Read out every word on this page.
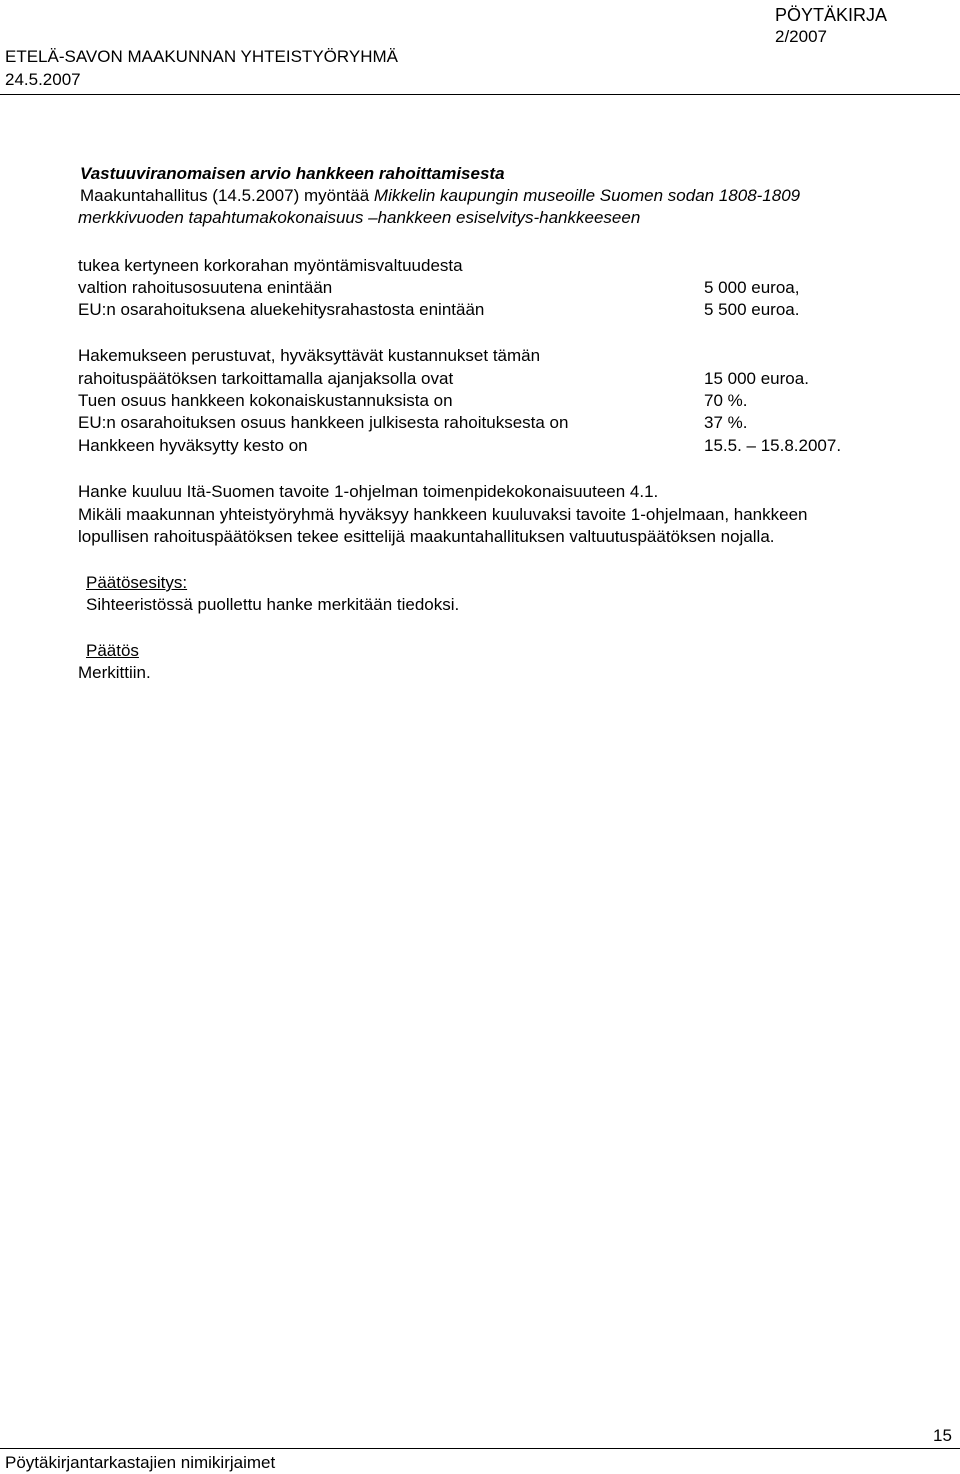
PÖYTÄKIRJA
ETELÄ-SAVON MAAKUNNAN YHTEISTYÖRYHMÄ
2/2007
24.5.2007
Vastuuviranomaisen arvio hankkeen rahoittamisesta
Maakuntahallitus (14.5.2007) myöntää Mikkelin kaupungin museoille Suomen sodan 1808-1809
merkkivuoden tapahtumakokonaisuus –hankkeen esiselvitys-hankkeeseen
tukea kertyneen korkorahan myöntämisvaltuudesta
valtion rahoitusosuutena enintään	5 000 euroa,
EU:n osarahoituksena aluekehitysrahastosta enintään	5 500 euroa.
Hakemukseen perustuvat, hyväksyttävät kustannukset tämän
rahoituspäätöksen tarkoittamalla ajanjaksolla ovat	15 000 euroa.
Tuen osuus hankkeen kokonaiskustannuksista on	70 %.
EU:n osarahoituksen osuus hankkeen julkisesta rahoituksesta on	37 %.
Hankkeen hyväksytty kesto on	15.5. – 15.8.2007.
Hanke kuuluu Itä-Suomen tavoite 1-ohjelman toimenpidekokonaisuuteen 4.1.
Mikäli maakunnan yhteistyöryhmä hyväksyy hankkeen kuuluvaksi tavoite 1-ohjelmaan, hankkeen
lopullisen rahoituspäätöksen tekee esittelijä maakuntahallituksen valtuutuspäätöksen nojalla.
Päätösesitys:
Sihteeristössä puollettu hanke merkitään tiedoksi.
Päätös
Merkittiin.
15
Pöytäkirjantarkastajien nimikirjaimet
